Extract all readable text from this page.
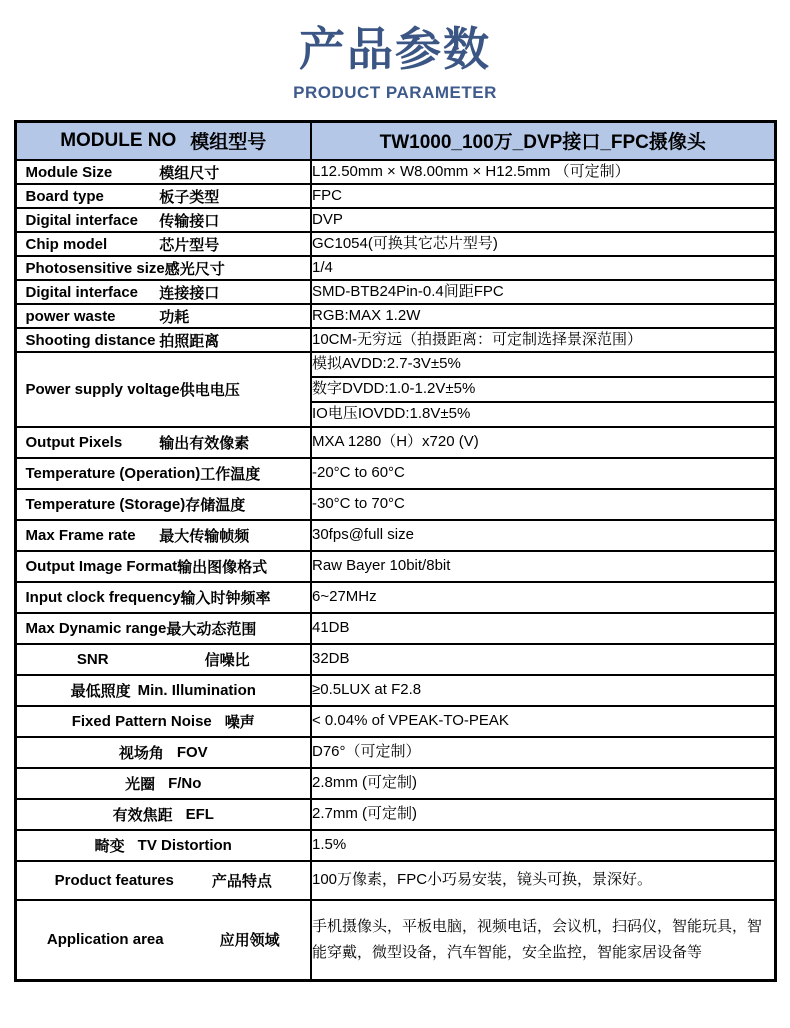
产品参数
PRODUCT PARAMETER
MODULE NO 模组型号	TW1000_100万_DVP接口_FPC摄像头

Module Size 模组尺寸	L12.50mm × W8.00mm × H12.5mm （可定制）

Board type 板子类型	FPC

Digital interface 传输接口	DVP

Chip model 芯片型号	GC1054(可换其它芯片型号)

Photosensitive size 感光尺寸	1/4

Digital interface 连接接口	SMD-BTB24Pin-0.4间距FPC

power waste 功耗	RGB:MAX 1.2W

Shooting distance 拍照距离	10CM-无穷远（拍摄距离：可定制选择景深范围）

Power supply voltage 供电电压	模拟AVDD:2.7-3V±5%
	数字DVDD:1.0-1.2V±5%
	IO电压IOVDD:1.8V±5%

Output Pixels 输出有效像素	MXA 1280（H）x720 (V)

Temperature (Operation) 工作温度	-20°C to 60°C

Temperature (Storage) 存储温度	-30°C to 70°C

Max Frame rate 最大传输帧频	30fps@full size

Output Image Format 输出图像格式	Raw Bayer 10bit/8bit

Input clock frequency 输入时钟频率	6~27MHz

Max Dynamic range 最大动态范围	41DB

SNR 信噪比	32DB

最低照度 Min. Illumination	≥0.5LUX at F2.8

Fixed Pattern Noise 噪声	< 0.04% of VPEAK-TO-PEAK

视场角 FOV	D76°（可定制）

光圈 F/No	2.8mm (可定制)

有效焦距 EFL	2.7mm (可定制)

畸变 TV Distortion	1.5%

Product features 产品特点	100万像素，FPC小巧易安装，镜头可换，景深好。

Application area 应用领域	手机摄像头，平板电脑，视频电话，会议机，扫码仪，智能玩具，智能穿戴，微型设备，汽车智能，安全监控，智能家居设备等
